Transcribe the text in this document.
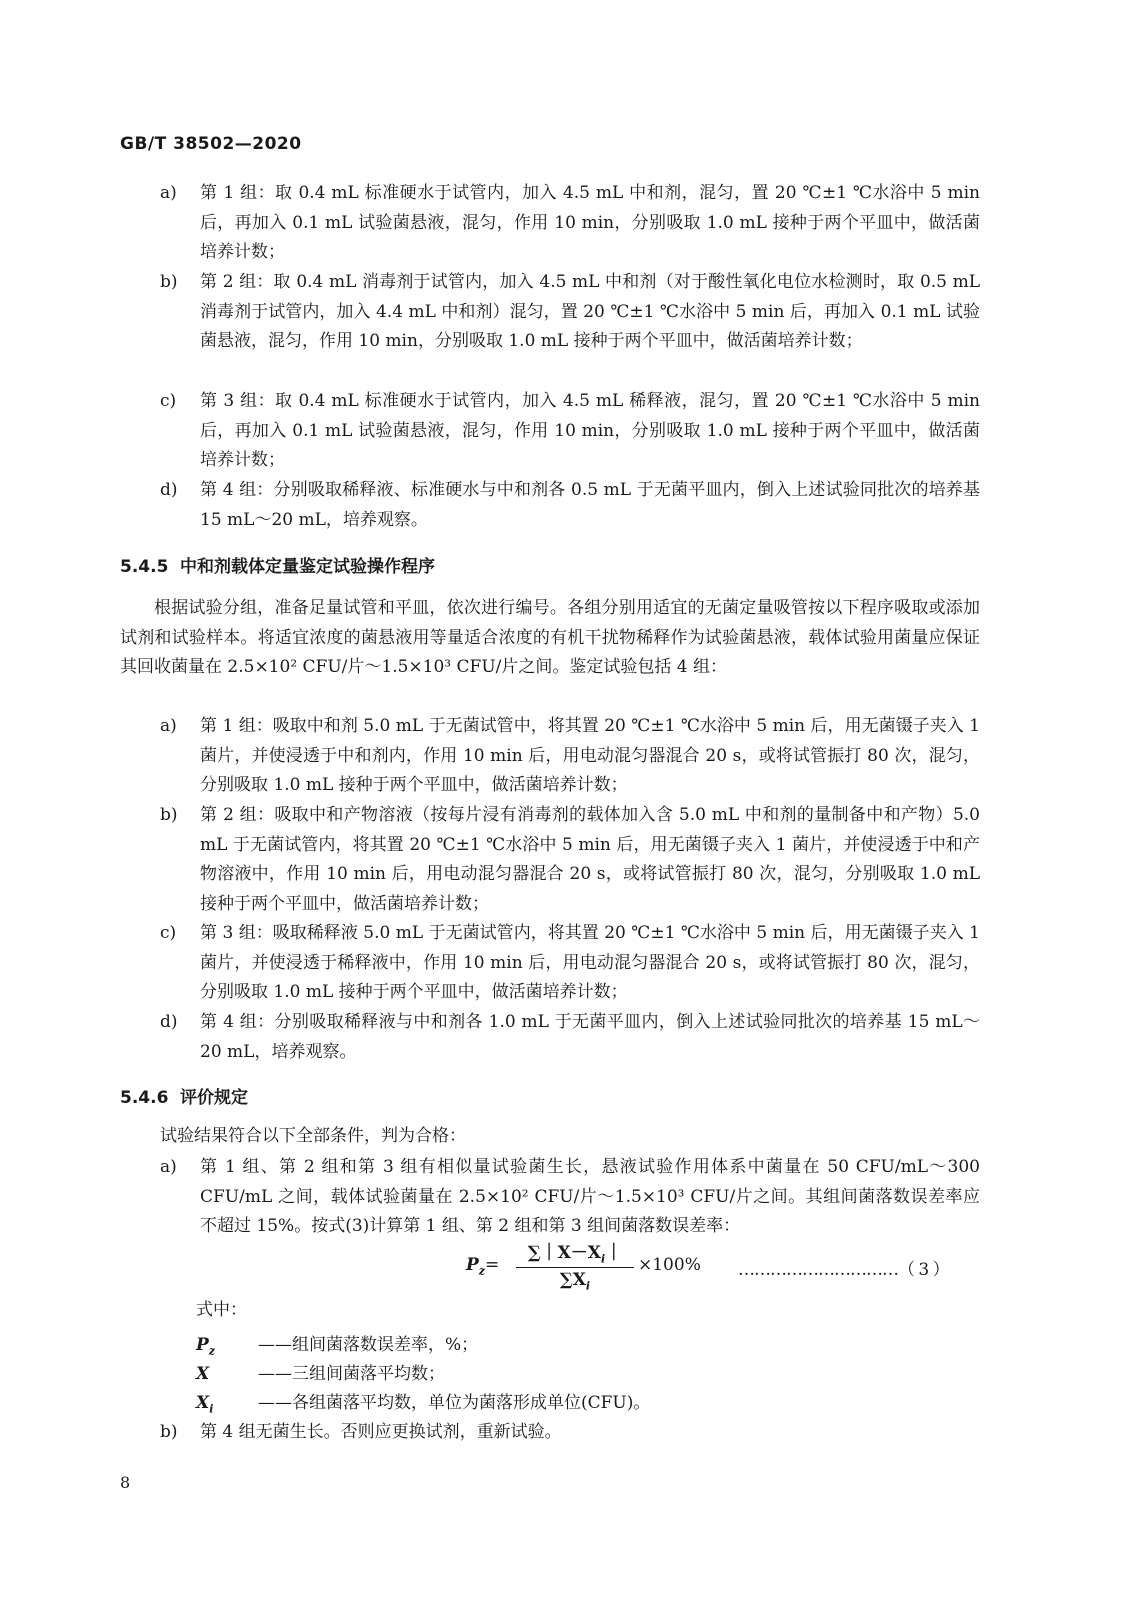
GB/T 38502—2020
a) 第 1 组：取 0.4 mL 标准硬水于试管内，加入 4.5 mL 中和剂，混匀，置 20 ℃±1 ℃水浴中 5 min后，再加入 0.1 mL 试验菌悬液，混匀，作用 10 min，分别吸取 1.0 mL 接种于两个平皿中，做活菌培养计数；
b) 第 2 组：取 0.4 mL 消毒剂于试管内，加入 4.5 mL 中和剂（对于酸性氧化电位水检测时，取 0.5 mL 消毒剂于试管内，加入 4.4 mL 中和剂）混匀，置 20 ℃±1 ℃水浴中 5 min 后，再加入 0.1 mL 试验菌悬液，混匀，作用 10 min，分别吸取 1.0 mL 接种于两个平皿中，做活菌培养计数；
c) 第 3 组：取 0.4 mL 标准硬水于试管内，加入 4.5 mL 稀释液，混匀，置 20 ℃±1 ℃水浴中 5 min后，再加入 0.1 mL 试验菌悬液，混匀，作用 10 min，分别吸取 1.0 mL 接种于两个平皿中，做活菌培养计数；
d) 第 4 组：分别吸取稀释液、标准硬水与中和剂各 0.5 mL 于无菌平皿内，倒入上述试验同批次的培养基 15 mL～20 mL，培养观察。
5.4.5 中和剂载体定量鉴定试验操作程序
根据试验分组，准备足量试管和平皿，依次进行编号。各组分别用适宜的无菌定量吸管按以下程序吸取或添加试剂和试验样本。将适宜浓度的菌悬液用等量适合浓度的有机干扰物稀释作为试验菌悬液，载体试验用菌量应保证其回收菌量在 2.5×10² CFU/片～1.5×10³ CFU/片之间。鉴定试验包括 4 组：
a) 第 1 组：吸取中和剂 5.0 mL 于无菌试管中，将其置 20 ℃±1 ℃水浴中 5 min 后，用无菌镊子夹入 1 菌片，并使浸透于中和剂内，作用 10 min 后，用电动混匀器混合 20 s，或将试管振打 80 次，混匀，分别吸取 1.0 mL 接种于两个平皿中，做活菌培养计数；
b) 第 2 组：吸取中和产物溶液（按每片浸有消毒剂的载体加入含 5.0 mL 中和剂的量制备中和产物）5.0 mL 于无菌试管内，将其置 20 ℃±1 ℃水浴中 5 min 后，用无菌镊子夹入 1 菌片，并使浸透于中和产物溶液中，作用 10 min 后，用电动混匀器混合 20 s，或将试管振打 80 次，混匀，分别吸取 1.0 mL 接种于两个平皿中，做活菌培养计数；
c) 第 3 组：吸取稀释液 5.0 mL 于无菌试管内，将其置 20 ℃±1 ℃水浴中 5 min 后，用无菌镊子夹入 1 菌片，并使浸透于稀释液中，作用 10 min 后，用电动混匀器混合 20 s，或将试管振打 80 次，混匀，分别吸取 1.0 mL 接种于两个平皿中，做活菌培养计数；
d) 第 4 组：分别吸取稀释液与中和剂各 1.0 mL 于无菌平皿内，倒入上述试验同批次的培养基 15 mL～20 mL，培养观察。
5.4.6 评价规定
试验结果符合以下全部条件，判为合格：
a) 第 1 组、第 2 组和第 3 组有相似量试验菌生长，悬液试验作用体系中菌量在 50 CFU/mL～300 CFU/mL 之间，载体试验菌量在 2.5×10² CFU/片～1.5×10³ CFU/片之间。其组间菌落数误差率应不超过 15%。按式(3)计算第 1 组、第 2 组和第 3 组间菌落数误差率：
$P_z=$
$\sum|X-X_i|$
$\sum X_i$
×100% …………………………（ 3 ）
式中：
$P_z$	——组间菌落数误差率，%；
X	——三组间菌落平均数；
$X_i$	——各组菌落平均数，单位为菌落形成单位(CFU)。
b) 第 4 组无菌生长。否则应更换试剂，重新试验。
8
